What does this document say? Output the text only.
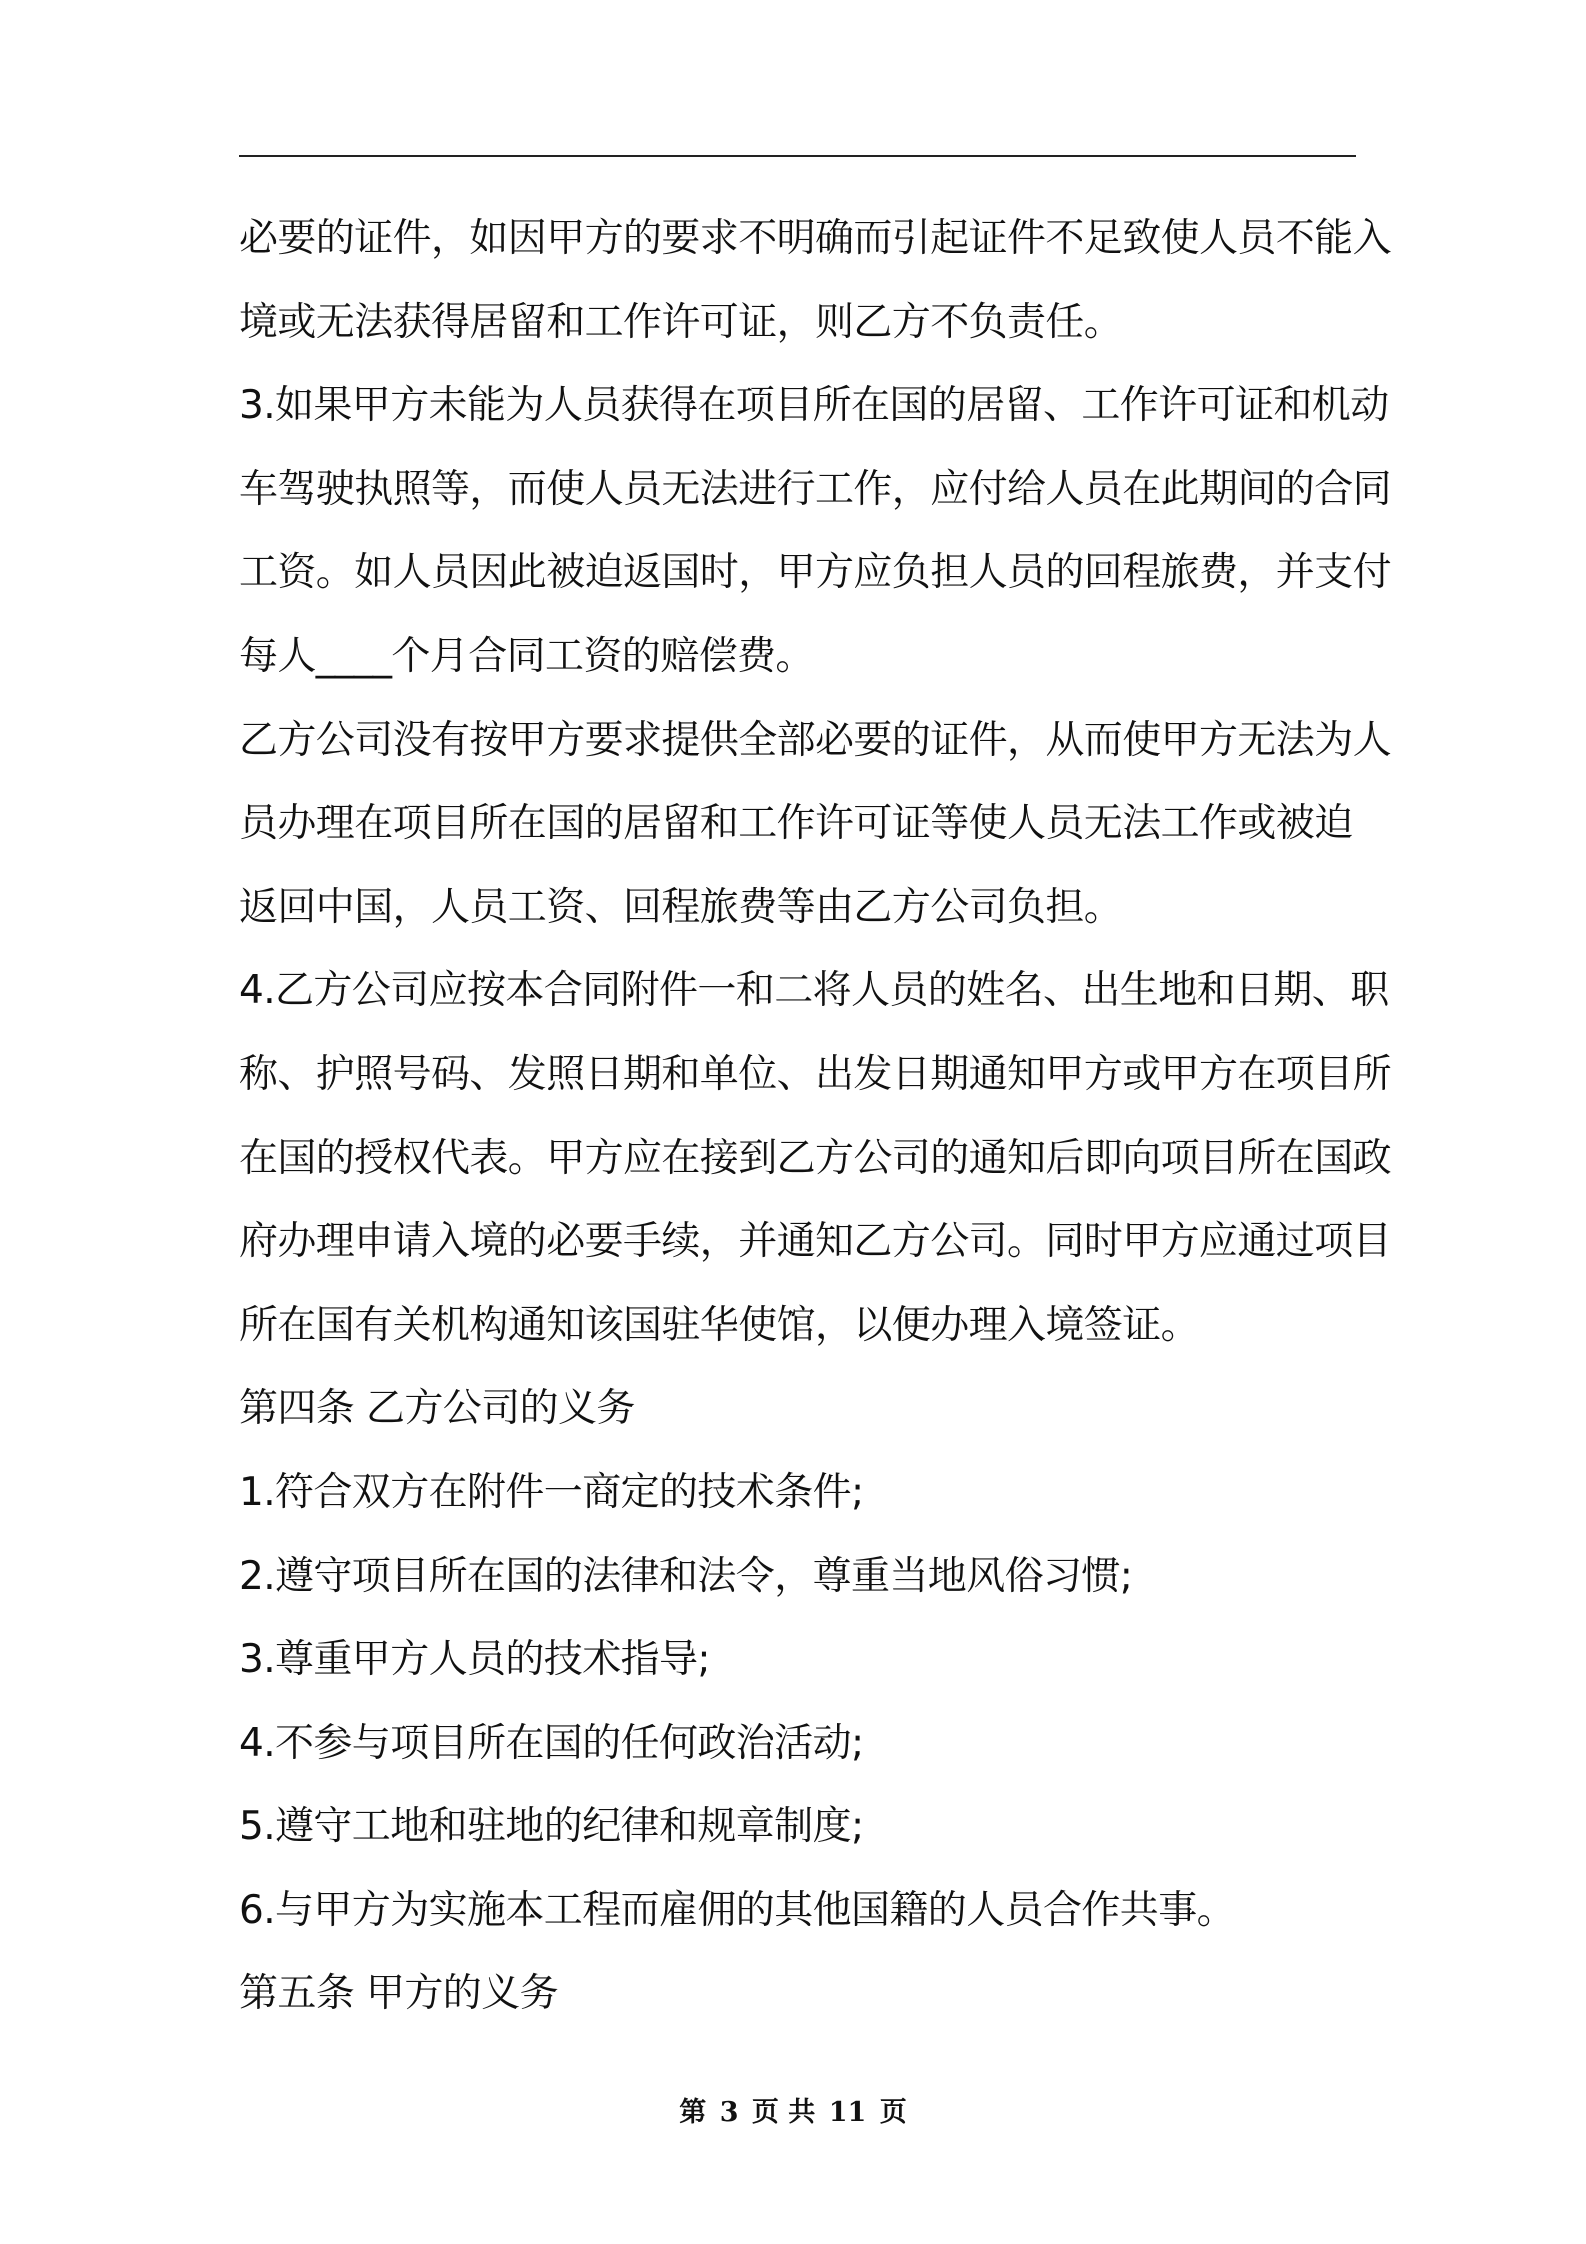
必要的证件，如因甲方的要求不明确而引起证件不足致使人员不能入
境或无法获得居留和工作许可证，则乙方不负责任。
3.如果甲方未能为人员获得在项目所在国的居留、工作许可证和机动
车驾驶执照等，而使人员无法进行工作，应付给人员在此期间的合同
工资。如人员因此被迫返国时，甲方应负担人员的回程旅费，并支付
每人____个月合同工资的赔偿费。
乙方公司没有按甲方要求提供全部必要的证件，从而使甲方无法为人
员办理在项目所在国的居留和工作许可证等使人员无法工作或被迫
返回中国，人员工资、回程旅费等由乙方公司负担。
4.乙方公司应按本合同附件一和二将人员的姓名、出生地和日期、职
称、护照号码、发照日期和单位、出发日期通知甲方或甲方在项目所
在国的授权代表。甲方应在接到乙方公司的通知后即向项目所在国政
府办理申请入境的必要手续，并通知乙方公司。同时甲方应通过项目
所在国有关机构通知该国驻华使馆，以便办理入境签证。
第四条 乙方公司的义务
1.符合双方在附件一商定的技术条件;
2.遵守项目所在国的法律和法令，尊重当地风俗习惯;
3.尊重甲方人员的技术指导;
4.不参与项目所在国的任何政治活动;
5.遵守工地和驻地的纪律和规章制度;
6.与甲方为实施本工程而雇佣的其他国籍的人员合作共事。
第五条 甲方的义务
第 3 页 共 11 页
